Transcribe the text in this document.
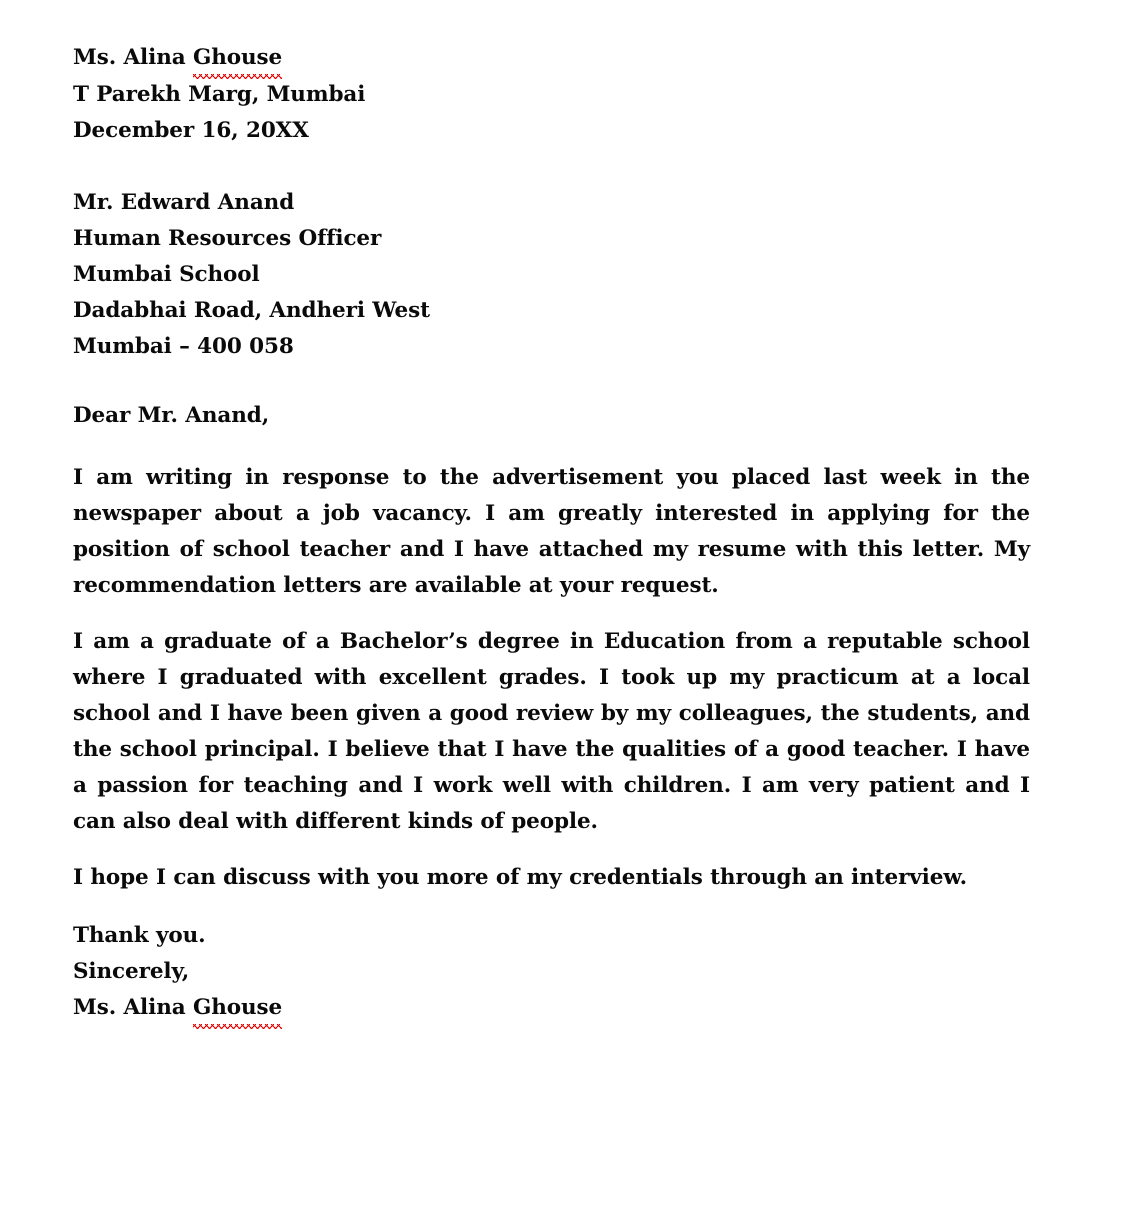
Ms. Alina Ghouse
T Parekh Marg, Mumbai
December 16, 20XX
Mr. Edward Anand
Human Resources Officer
Mumbai School
Dadabhai Road, Andheri West
Mumbai – 400 058
Dear Mr. Anand,

I am writing in response to the advertisement you placed last week in the newspaper about a job vacancy. I am greatly interested in applying for the position of school teacher and I have attached my resume with this letter. My recommendation letters are available at your request.

I am a graduate of a Bachelor’s degree in Education from a reputable school where I graduated with excellent grades. I took up my practicum at a local school and I have been given a good review by my colleagues, the students, and the school principal. I believe that I have the qualities of a good teacher. I have a passion for teaching and I work well with children. I am very patient and I can also deal with different kinds of people.

I hope I can discuss with you more of my credentials through an interview.

Thank you.
Sincerely,
Ms. Alina Ghouse
